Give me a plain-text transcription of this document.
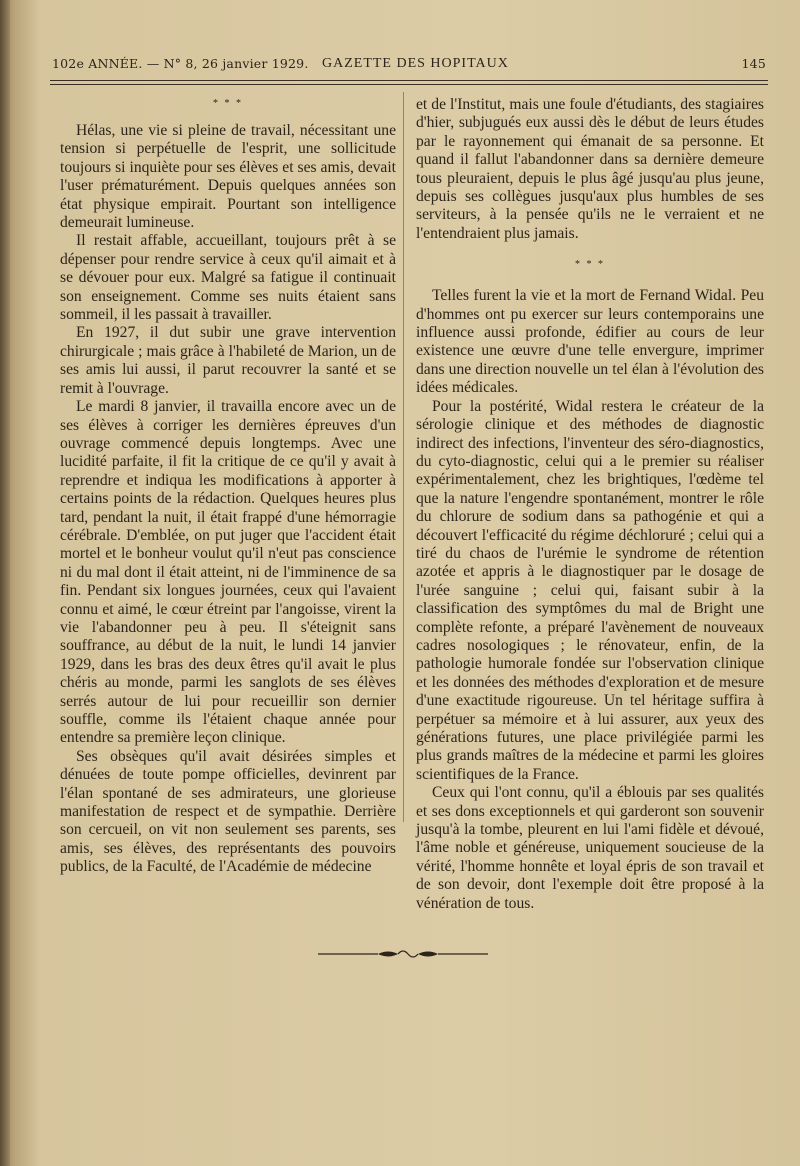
102e ANNÉE. — N° 8, 26 janvier 1929. GAZETTE DES HOPITAUX	145
* * *

Hélas, une vie si pleine de travail, nécessitant une tension si perpétuelle de l'esprit, une sollicitude toujours si inquiète pour ses élèves et ses amis, devait l'user prématurément. Depuis quelques années son état physique empirait. Pourtant son intelligence demeurait lumineuse.

Il restait affable, accueillant, toujours prêt à se dépenser pour rendre service à ceux qu'il aimait et à se dévouer pour eux. Malgré sa fatigue il continuait son enseignement. Comme ses nuits étaient sans sommeil, il les passait à travailler.

En 1927, il dut subir une grave intervention chirurgicale ; mais grâce à l'habileté de Marion, un de ses amis lui aussi, il parut recouvrer la santé et se remit à l'ouvrage.

Le mardi 8 janvier, il travailla encore avec un de ses élèves à corriger les dernières épreuves d'un ouvrage commencé depuis longtemps. Avec une lucidité parfaite, il fit la critique de ce qu'il y avait à reprendre et indiqua les modifications à apporter à certains points de la rédaction. Quelques heures plus tard, pendant la nuit, il était frappé d'une hémorragie cérébrale. D'emblée, on put juger que l'accident était mortel et le bonheur voulut qu'il n'eut pas conscience ni du mal dont il était atteint, ni de l'imminence de sa fin. Pendant six longues journées, ceux qui l'avaient connu et aimé, le cœur étreint par l'angoisse, virent la vie l'abandonner peu à peu. Il s'éteignit sans souffrance, au début de la nuit, le lundi 14 janvier 1929, dans les bras des deux êtres qu'il avait le plus chéris au monde, parmi les sanglots de ses élèves serrés autour de lui pour recueillir son dernier souffle, comme ils l'étaient chaque année pour entendre sa première leçon clinique.

Ses obsèques qu'il avait désirées simples et dénuées de toute pompe officielles, devinrent par l'élan spontané de ses admirateurs, une glorieuse manifestation de respect et de sympathie. Derrière son cercueil, on vit non seulement ses parents, ses amis, ses élèves, des représentants des pouvoirs publics, de la Faculté, de l'Académie de médecine

et de l'Institut, mais une foule d'étudiants, des stagiaires d'hier, subjugués eux aussi dès le début de leurs études par le rayonnement qui émanait de sa personne. Et quand il fallut l'abandonner dans sa dernière demeure tous pleuraient, depuis le plus âgé jusqu'au plus jeune, depuis ses collègues jusqu'aux plus humbles de ses serviteurs, à la pensée qu'ils ne le verraient et ne l'entendraient plus jamais.

* * *

Telles furent la vie et la mort de Fernand Widal. Peu d'hommes ont pu exercer sur leurs contemporains une influence aussi profonde, édifier au cours de leur existence une œuvre d'une telle envergure, imprimer dans une direction nouvelle un tel élan à l'évolution des idées médicales.

Pour la postérité, Widal restera le créateur de la sérologie clinique et des méthodes de diagnostic indirect des infections, l'inventeur des séro-diagnostics, du cyto-diagnostic, celui qui a le premier su réaliser expérimentalement, chez les brightiques, l'œdème tel que la nature l'engendre spontanément, montrer le rôle du chlorure de sodium dans sa pathogénie et qui a découvert l'efficacité du régime déchloruré ; celui qui a tiré du chaos de l'urémie le syndrome de rétention azotée et appris à le diagnostiquer par le dosage de l'urée sanguine ; celui qui, faisant subir à la classification des symptômes du mal de Bright une complète refonte, a préparé l'avènement de nouveaux cadres nosologiques ; le rénovateur, enfin, de la pathologie humorale fondée sur l'observation clinique et les données des méthodes d'exploration et de mesure d'une exactitude rigoureuse. Un tel héritage suffira à perpétuer sa mémoire et à lui assurer, aux yeux des générations futures, une place privilégiée parmi les plus grands maîtres de la médecine et parmi les gloires scientifiques de la France.

Ceux qui l'ont connu, qu'il a éblouis par ses qualités et ses dons exceptionnels et qui garderont son souvenir jusqu'à la tombe, pleurent en lui l'ami fidèle et dévoué, l'âme noble et généreuse, uniquement soucieuse de la vérité, l'homme honnête et loyal épris de son travail et de son devoir, dont l'exemple doit être proposé à la vénération de tous.
